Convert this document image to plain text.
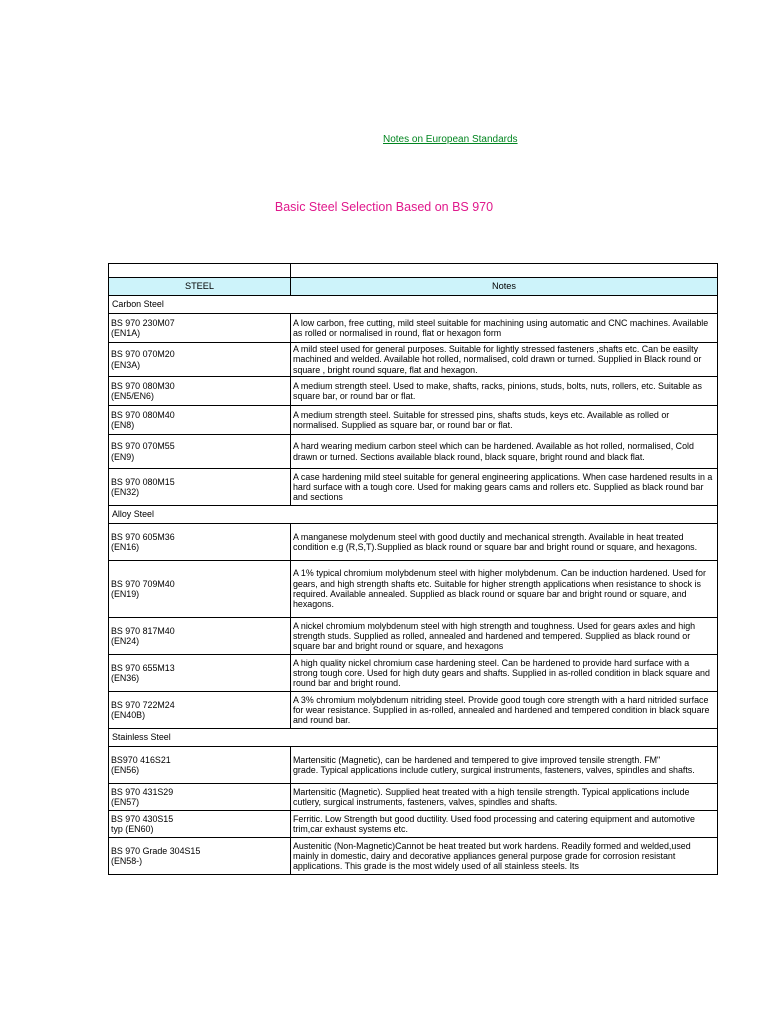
Notes on European Standards
Basic Steel Selection Based on BS 970

STEEL	Notes
Carbon Steel	
BS 970 230M07
(EN1A)	A low carbon, free cutting, mild steel suitable for machining using automatic and CNC machines. Available as rolled or normalised in round, flat or hexagon form
BS 970 070M20
(EN3A)	A mild steel used for general purposes. Suitable for lightly stressed fasteners ,shafts etc. Can be easilty machined and welded. Available hot rolled, normalised, cold drawn or turned. Supplied in Black round or square , bright round square, flat and hexagon.
BS 970 080M30
(EN5/EN6)	A medium strength steel. Used to make, shafts, racks, pinions, studs, bolts, nuts, rollers, etc. Suitable as square bar, or round bar or flat.
BS 970 080M40
(EN8)	A medium strength steel. Suitable for stressed pins, shafts studs, keys etc. Available as rolled or normalised. Supplied as square bar, or round bar or flat.
BS 970 070M55
(EN9)	A hard wearing medium carbon steel which can be hardened. Available as hot rolled, normalised, Cold drawn or turned. Sections available black round, black square, bright round and black flat.
BS 970 080M15
(EN32)	A case hardening mild steel suitable for general engineering applications. When case hardened results in a hard surface with a tough core. Used for making gears cams and rollers etc. Supplied as black round bar and sections
Alloy Steel	
BS 970 605M36
(EN16)	A manganese molydenum steel with good ductily and mechanical strength. Available in heat treated condition e.g (R,S,T).Supplied as black round or square bar and bright round or square, and hexagons.
BS 970 709M40
(EN19)	A 1% typical chromium molybdenum steel with higher molybdenum. Can be induction hardened. Used for gears, and high strength shafts etc. Suitable for higher strength applications when resistance to shock is required. Available annealed. Supplied as black round or square bar and bright round or square, and hexagons.
BS 970 817M40
(EN24)	A nickel chromium molybdenum steel with high strength and toughness. Used for gears axles and high strength studs. Supplied as rolled, annealed and hardened and tempered. Supplied as black round or square bar and bright round or square, and hexagons
BS 970 655M13
(EN36)	A high quality nickel chromium case hardening steel. Can be hardened to provide hard surface with a strong tough core. Used for high duty gears and shafts. Supplied in as-rolled condition in black square and round bar and bright round.
BS 970 722M24
(EN40B)	A 3% chromium molybdenum nitriding steel. Provide good tough core strength with a hard nitrided surface for wear resistance. Supplied in as-rolled, annealed and hardened and tempered condition in black square and round bar.
Stainless Steel	
BS970 416S21
(EN56)	Martensitic (Magnetic), can be hardened and tempered to give improved tensile strength. FM"
grade. Typical applications include cutlery, surgical instruments, fasteners, valves, spindles and shafts.
BS 970 431S29
(EN57)	Martensitic (Magnetic). Supplied heat treated with a high tensile strength. Typical applications include cutlery, surgical instruments, fasteners, valves, spindles and shafts.
BS 970 430S15
typ (EN60)	Ferritic. Low Strength but good ductility. Used food processing and catering equipment and automotive trim,car exhaust systems etc.
BS 970 Grade 304S15
(EN58-)	Austenitic (Non-Magnetic)Cannot be heat treated but work hardens. Readily formed and welded,used mainly in domestic, dairy and decorative appliances general purpose grade for corrosion resistant applications. This grade is the most widely used of all stainless steels. Its
